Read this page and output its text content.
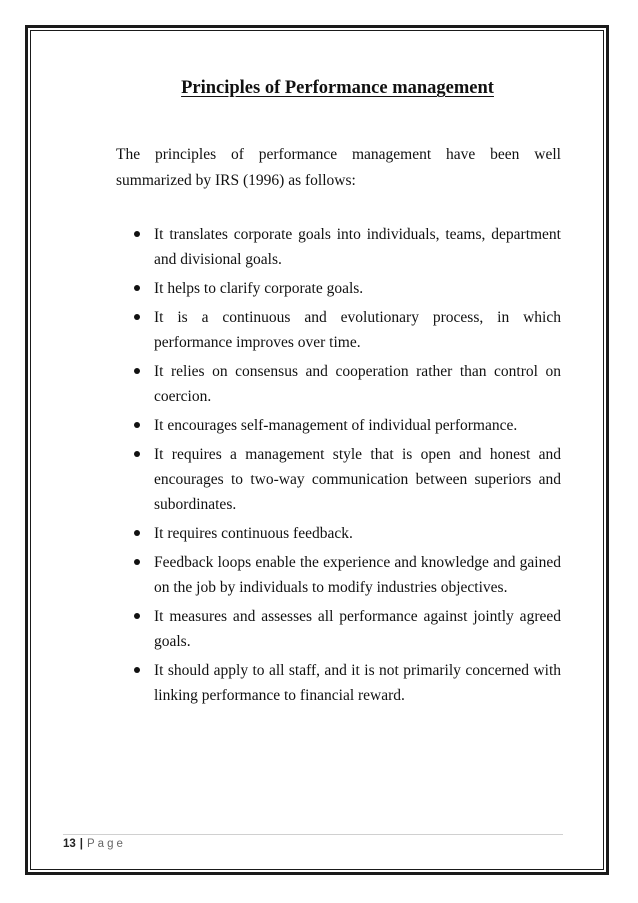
Principles of Performance management

The principles of performance management have been well summarized by IRS (1996) as follows:

It translates corporate goals into individuals, teams, department and divisional goals.
It helps to clarify corporate goals.
It is a continuous and evolutionary process, in which performance improves over time.
It relies on consensus and cooperation rather than control on coercion.
It encourages self-management of individual performance.
It requires a management style that is open and honest and encourages to two-way communication between superiors and subordinates.
It requires continuous feedback.
Feedback loops enable the experience and knowledge and gained on the job by individuals to modify industries objectives.
It measures and assesses all performance against jointly agreed goals.
It should apply to all staff, and it is not primarily concerned with linking performance to financial reward.
13 | Page
